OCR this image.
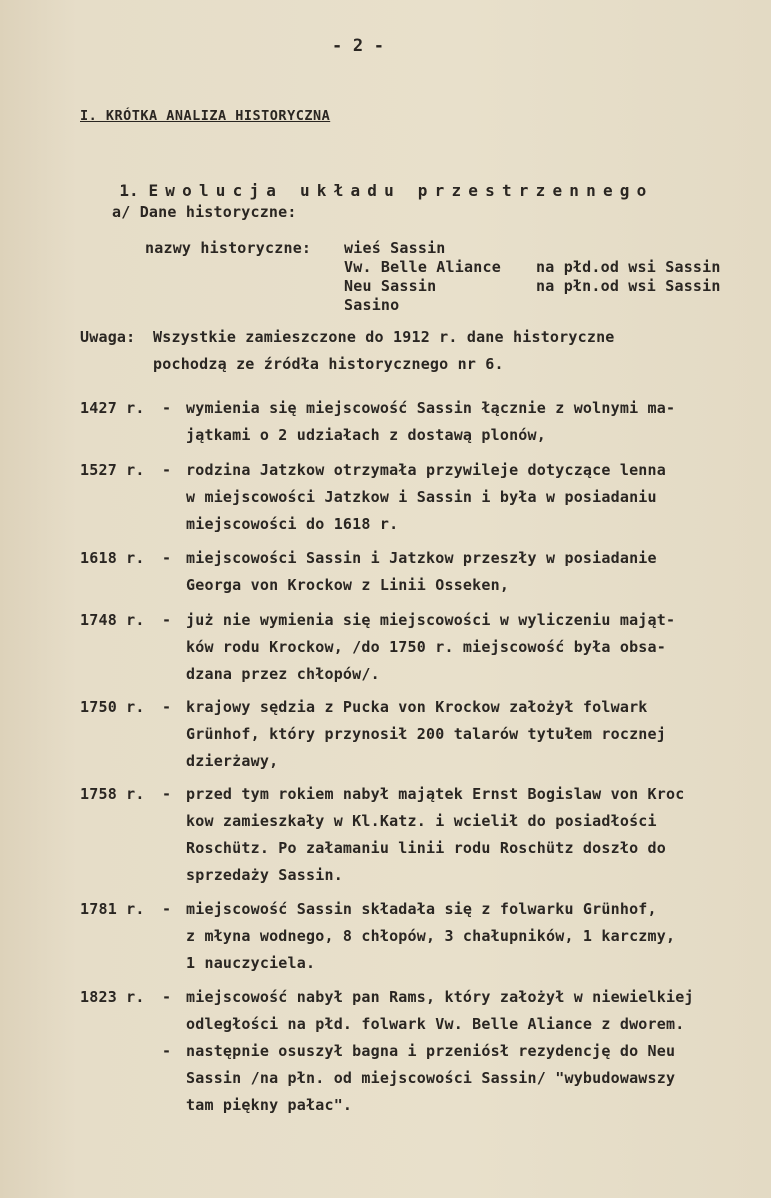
- 2 -
I. KRÓTKA ANALIZA HISTORYCZNA

1. Ewolucja układu przestrzennego

a/ Dane historyczne:
nazwy historyczne: wieś Sassin
Vw. Belle Aliance na płd.od wsi Sassin
Neu Sassin	na płn.od wsi Sassin
Sasino
Uwaga: Wszystkie zamieszczone do 1912 r. dane historyczne
pochodzą ze źródła historycznego nr 6.
1427 r. - wymienia się miejscowość Sassin łącznie z wolnymi ma-
jątkami o 2 udziałach z dostawą plonów,
1527 r. - rodzina Jatzkow otrzymała przywileje dotyczące lenna
w miejscowości Jatzkow i Sassin i była w posiadaniu
miejscowości do 1618 r.
1618 r. - miejscowości Sassin i Jatzkow przeszły w posiadanie
Georga von Krockow z Linii Osseken,
1748 r. - już nie wymienia się miejscowości w wyliczeniu mająt-
ków rodu Krockow, /do 1750 r. miejscowość była obsa-
dzana przez chłopów/.
1750 r. - krajowy sędzia z Pucka von Krockow założył folwark
Grünhof, który przynosił 200 talarów tytułem rocznej
dzierżawy,
1758 r. - przed tym rokiem nabył majątek Ernst Bogislaw von Kroc
kow zamieszkały w Kl.Katz. i wcielił do posiadłości
Roschütz. Po załamaniu linii rodu Roschütz doszło do
sprzedaży Sassin.
1781 r. - miejscowość Sassin składała się z folwarku Grünhof,
z młyna wodnego, 8 chłopów, 3 chałupników, 1 karczmy,
1 nauczyciela.
1823 r. - miejscowość nabył pan Rams, który założył w niewielkiej
odległości na płd. folwark Vw. Belle Aliance z dworem.
- następnie osuszył bagna i przeniósł rezydencję do Neu
Sassin /na płn. od miejscowości Sassin/ "wybudowawszy
tam piękny pałac".
